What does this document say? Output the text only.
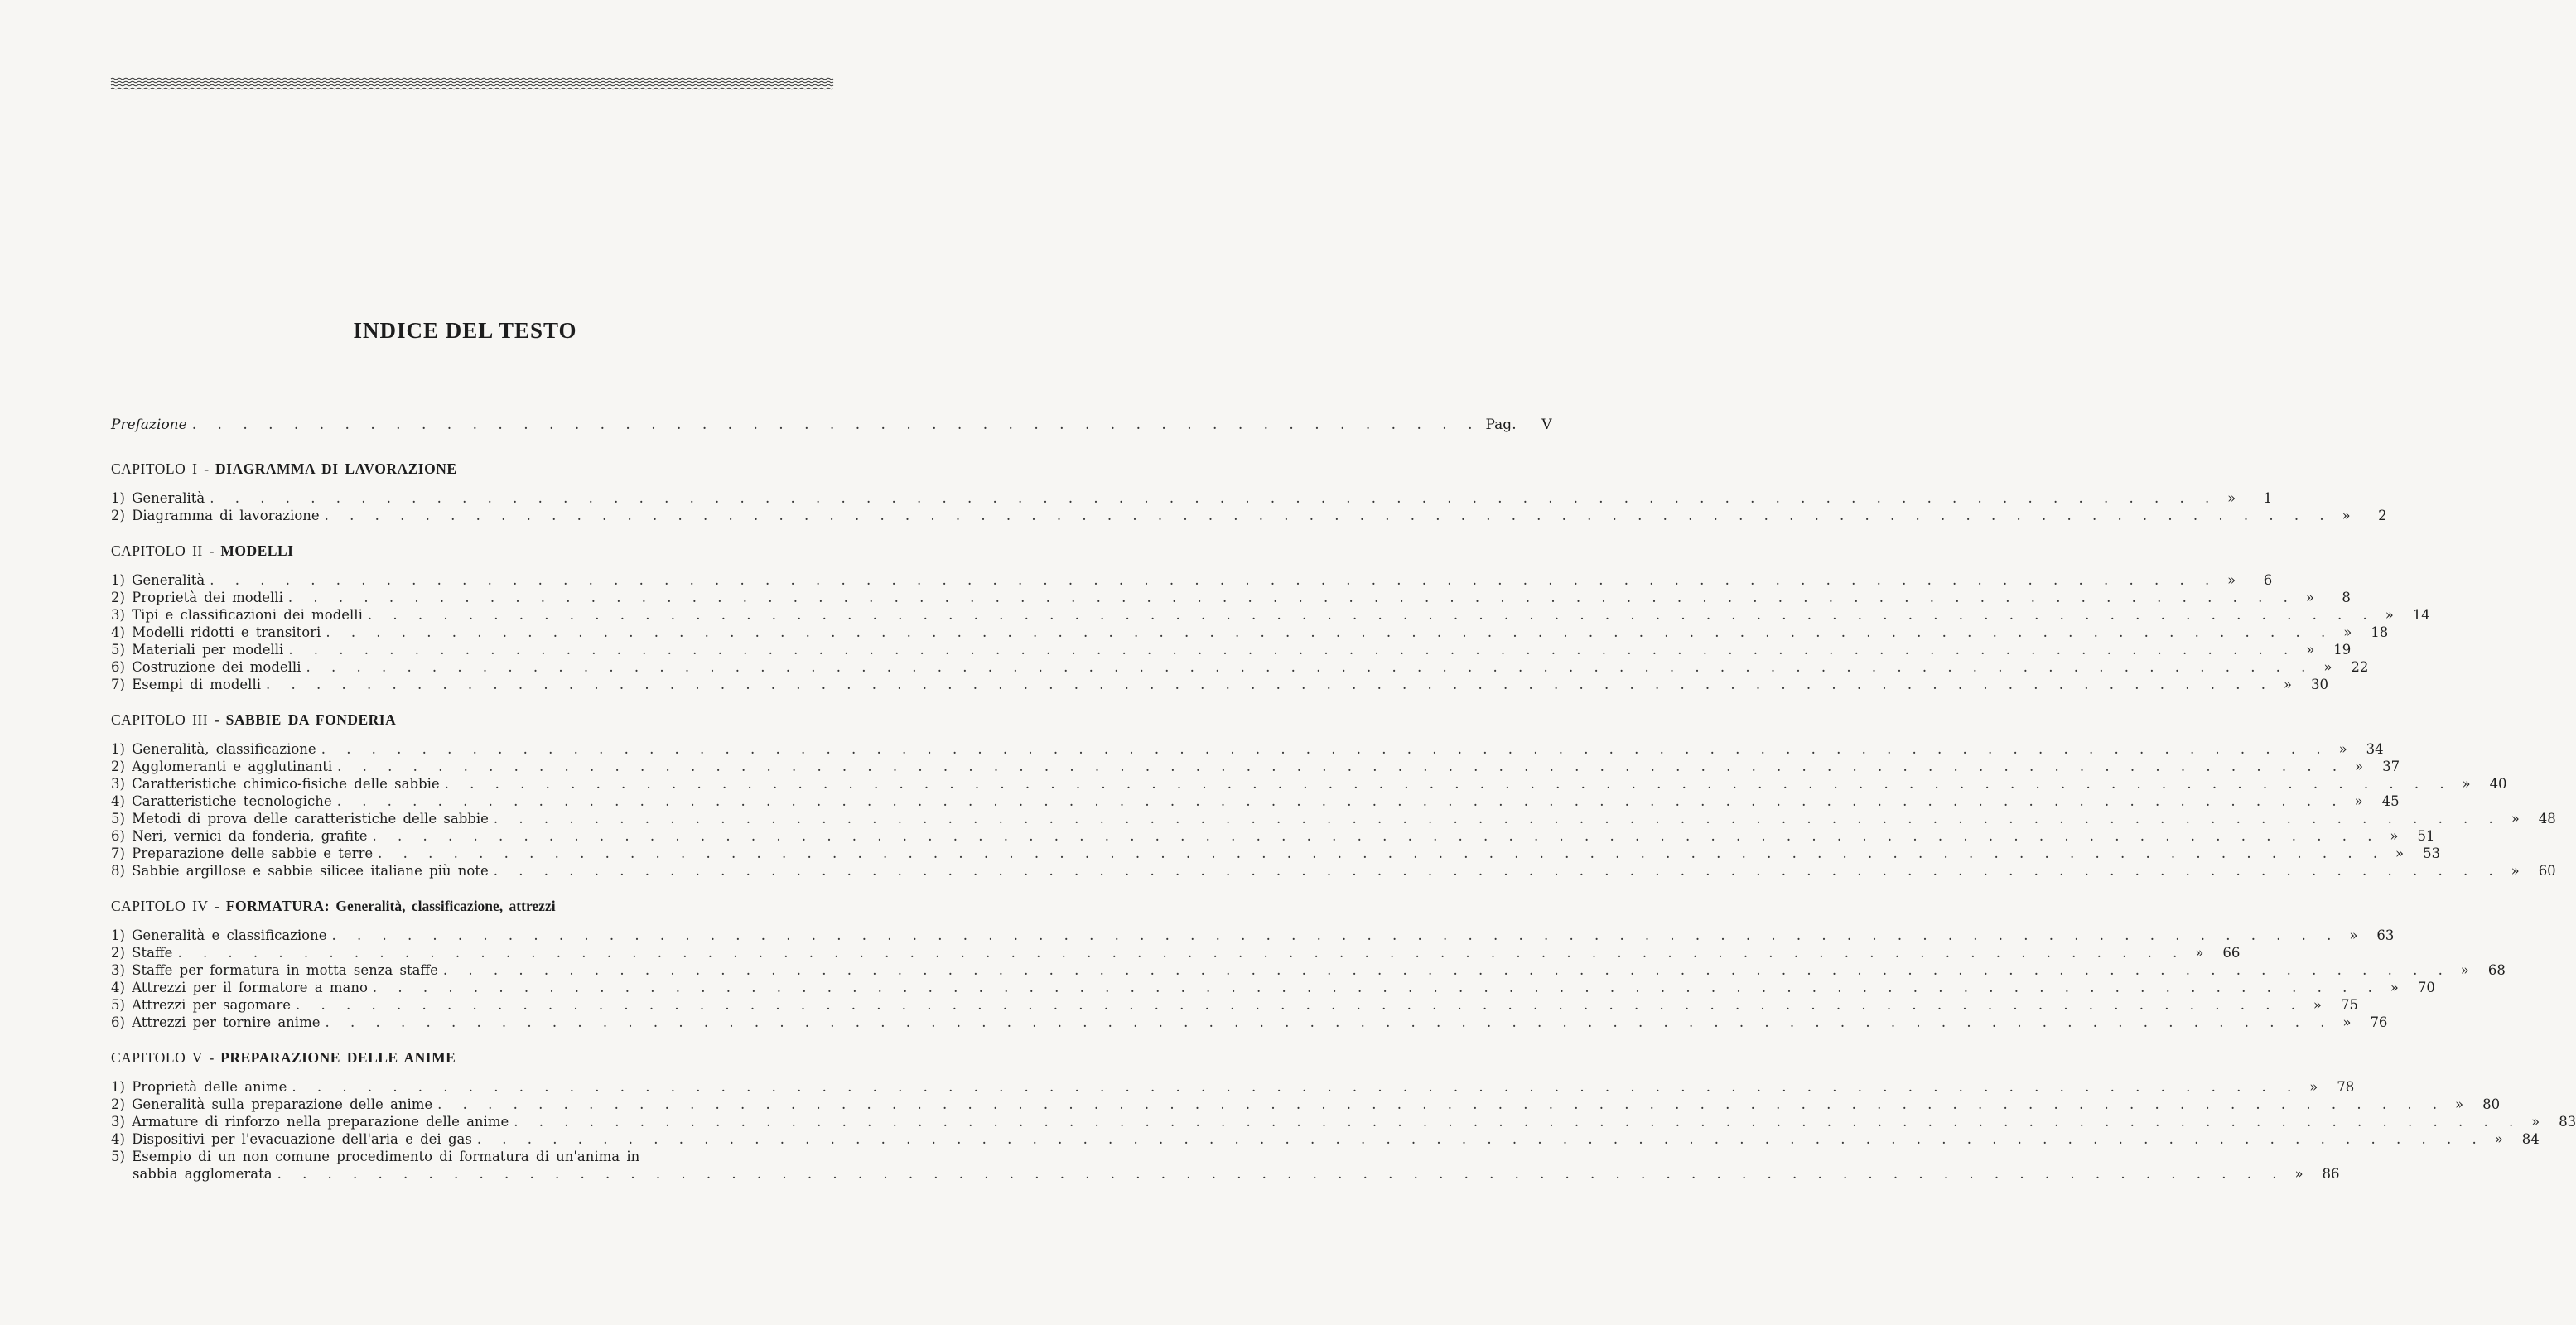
INDICE DEL TESTO
Prefazione . . . . . . . . . . . . . . . . . . . . . . . . . . . . . . . . . . . . . . . . . . . . . . . . . . . Pag.	V
CAPITOLO I - DIAGRAMMA DI LAVORAZIONE
1) Generalità . . . . . . . . . . . . . . . . . . . . . . . . . . . . . . . . . . . . . . . . . . . . . . . . . . . . . . . . . . . . . . . . . . . . . . . . . . . . . . . . »	1
2) Diagramma di lavorazione . . . . . . . . . . . . . . . . . . . . . . . . . . . . . . . . . . . . . . . . . . . . . . . . . . . . . . . . . . . . . . . . . . . . . . . . . . . . . . . . »	2
CAPITOLO II - MODELLI
1) Generalità . . . . . . . . . . . . . . . . . . . . . . . . . . . . . . . . . . . . . . . . . . . . . . . . . . . . . . . . . . . . . . . . . . . . . . . . . . . . . . . . »	6
2) Proprietà dei modelli . . . . . . . . . . . . . . . . . . . . . . . . . . . . . . . . . . . . . . . . . . . . . . . . . . . . . . . . . . . . . . . . . . . . . . . . . . . . . . . . »	8
3) Tipi e classificazioni dei modelli . . . . . . . . . . . . . . . . . . . . . . . . . . . . . . . . . . . . . . . . . . . . . . . . . . . . . . . . . . . . . . . . . . . . . . . . . . . . . . . . »	14
4) Modelli ridotti e transitori . . . . . . . . . . . . . . . . . . . . . . . . . . . . . . . . . . . . . . . . . . . . . . . . . . . . . . . . . . . . . . . . . . . . . . . . . . . . . . . . »	18
5) Materiali per modelli . . . . . . . . . . . . . . . . . . . . . . . . . . . . . . . . . . . . . . . . . . . . . . . . . . . . . . . . . . . . . . . . . . . . . . . . . . . . . . . . »	19
6) Costruzione dei modelli . . . . . . . . . . . . . . . . . . . . . . . . . . . . . . . . . . . . . . . . . . . . . . . . . . . . . . . . . . . . . . . . . . . . . . . . . . . . . . . . »	22
7) Esempi di modelli . . . . . . . . . . . . . . . . . . . . . . . . . . . . . . . . . . . . . . . . . . . . . . . . . . . . . . . . . . . . . . . . . . . . . . . . . . . . . . . . »	30
CAPITOLO III - SABBIE DA FONDERIA
1) Generalità, classificazione . . . . . . . . . . . . . . . . . . . . . . . . . . . . . . . . . . . . . . . . . . . . . . . . . . . . . . . . . . . . . . . . . . . . . . . . . . . . . . . . »	34
2) Agglomeranti e agglutinanti . . . . . . . . . . . . . . . . . . . . . . . . . . . . . . . . . . . . . . . . . . . . . . . . . . . . . . . . . . . . . . . . . . . . . . . . . . . . . . . . »	37
3) Caratteristiche chimico-fisiche delle sabbie . . . . . . . . . . . . . . . . . . . . . . . . . . . . . . . . . . . . . . . . . . . . . . . . . . . . . . . . . . . . . . . . . . . . . . . . . . . . . . . . »	40
4) Caratteristiche tecnologiche . . . . . . . . . . . . . . . . . . . . . . . . . . . . . . . . . . . . . . . . . . . . . . . . . . . . . . . . . . . . . . . . . . . . . . . . . . . . . . . . »	45
5) Metodi di prova delle caratteristiche delle sabbie . . . . . . . . . . . . . . . . . . . . . . . . . . . . . . . . . . . . . . . . . . . . . . . . . . . . . . . . . . . . . . . . . . . . . . . . . . . . . . . . »	48
6) Neri, vernici da fonderia, grafite . . . . . . . . . . . . . . . . . . . . . . . . . . . . . . . . . . . . . . . . . . . . . . . . . . . . . . . . . . . . . . . . . . . . . . . . . . . . . . . . »	51
7) Preparazione delle sabbie e terre . . . . . . . . . . . . . . . . . . . . . . . . . . . . . . . . . . . . . . . . . . . . . . . . . . . . . . . . . . . . . . . . . . . . . . . . . . . . . . . . »	53
8) Sabbie argillose e sabbie silicee italiane più note . . . . . . . . . . . . . . . . . . . . . . . . . . . . . . . . . . . . . . . . . . . . . . . . . . . . . . . . . . . . . . . . . . . . . . . . . . . . . . . . »	60
CAPITOLO IV - FORMATURA: Generalità, classificazione, attrezzi
1) Generalità e classificazione . . . . . . . . . . . . . . . . . . . . . . . . . . . . . . . . . . . . . . . . . . . . . . . . . . . . . . . . . . . . . . . . . . . . . . . . . . . . . . . . »	63
2) Staffe . . . . . . . . . . . . . . . . . . . . . . . . . . . . . . . . . . . . . . . . . . . . . . . . . . . . . . . . . . . . . . . . . . . . . . . . . . . . . . . . »	66
3) Staffe per formatura in motta senza staffe . . . . . . . . . . . . . . . . . . . . . . . . . . . . . . . . . . . . . . . . . . . . . . . . . . . . . . . . . . . . . . . . . . . . . . . . . . . . . . . . »	68
4) Attrezzi per il formatore a mano . . . . . . . . . . . . . . . . . . . . . . . . . . . . . . . . . . . . . . . . . . . . . . . . . . . . . . . . . . . . . . . . . . . . . . . . . . . . . . . . »	70
5) Attrezzi per sagomare . . . . . . . . . . . . . . . . . . . . . . . . . . . . . . . . . . . . . . . . . . . . . . . . . . . . . . . . . . . . . . . . . . . . . . . . . . . . . . . . »	75
6) Attrezzi per tornire anime . . . . . . . . . . . . . . . . . . . . . . . . . . . . . . . . . . . . . . . . . . . . . . . . . . . . . . . . . . . . . . . . . . . . . . . . . . . . . . . . »	76
CAPITOLO V - PREPARAZIONE DELLE ANIME
1) Proprietà delle anime . . . . . . . . . . . . . . . . . . . . . . . . . . . . . . . . . . . . . . . . . . . . . . . . . . . . . . . . . . . . . . . . . . . . . . . . . . . . . . . . »	78
2) Generalità sulla preparazione delle anime . . . . . . . . . . . . . . . . . . . . . . . . . . . . . . . . . . . . . . . . . . . . . . . . . . . . . . . . . . . . . . . . . . . . . . . . . . . . . . . . »	80
3) Armature di rinforzo nella preparazione delle anime . . . . . . . . . . . . . . . . . . . . . . . . . . . . . . . . . . . . . . . . . . . . . . . . . . . . . . . . . . . . . . . . . . . . . . . . . . . . . . . . »	83
4) Dispositivi per l'evacuazione dell'aria e dei gas . . . . . . . . . . . . . . . . . . . . . . . . . . . . . . . . . . . . . . . . . . . . . . . . . . . . . . . . . . . . . . . . . . . . . . . . . . . . . . . . »	84
5) Esempio di un non comune procedimento di formatura di un'anima in
sabbia agglomerata . . . . . . . . . . . . . . . . . . . . . . . . . . . . . . . . . . . . . . . . . . . . . . . . . . . . . . . . . . . . . . . . . . . . . . . . . . . . . . . . »	86
